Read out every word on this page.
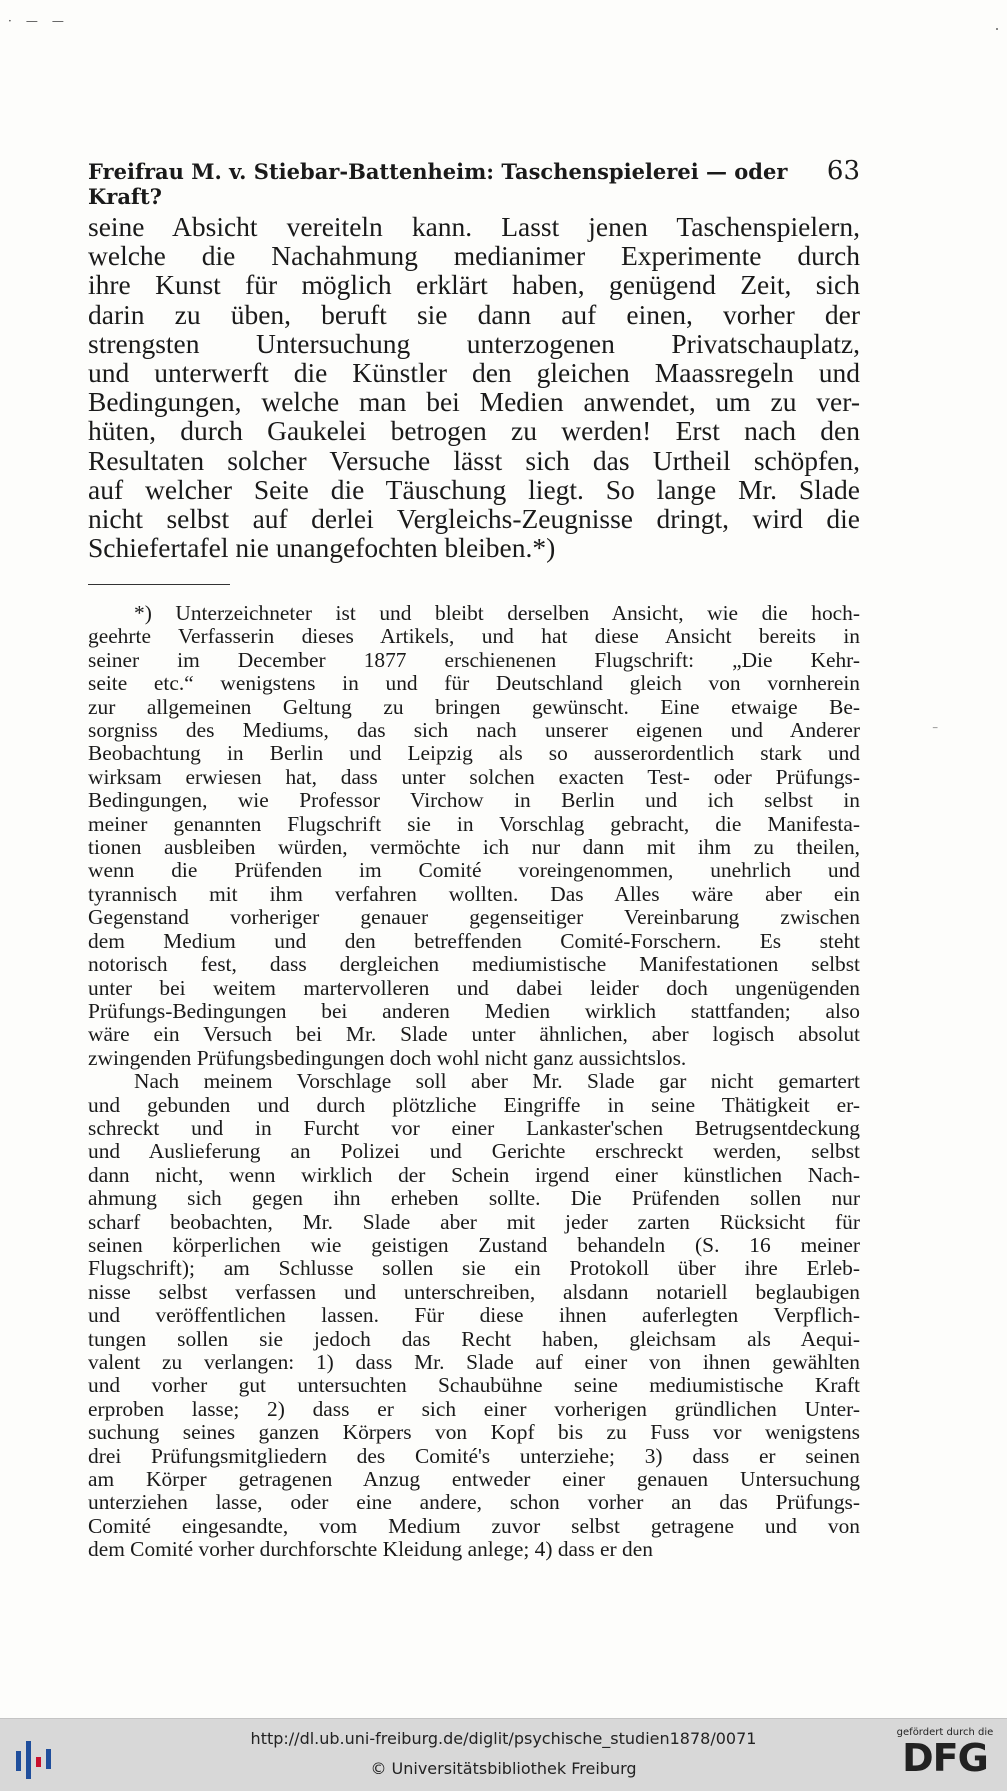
·——
Freifrau M. v. Stiebar-Battenheim: Taschenspielerei — oder Kraft?
63
seine Absicht vereiteln kann. Lasst jenen Taschenspielern,
welche die Nachahmung medianimer Experimente durch
ihre Kunst für möglich erklärt haben, genügend Zeit, sich
darin zu üben, beruft sie dann auf einen, vorher der
strengsten Untersuchung unterzogenen Privatschauplatz,
und unterwerft die Künstler den gleichen Maassregeln und
Bedingungen, welche man bei Medien anwendet, um zu ver-
hüten, durch Gaukelei betrogen zu werden! Erst nach den
Resultaten solcher Versuche lässt sich das Urtheil schöpfen,
auf welcher Seite die Täuschung liegt. So lange Mr. Slade
nicht selbst auf derlei Vergleichs-Zeugnisse dringt, wird die
Schiefertafel nie unangefochten bleiben.*)
*) Unterzeichneter ist und bleibt derselben Ansicht, wie die hoch-
geehrte Verfasserin dieses Artikels, und hat diese Ansicht bereits in
seiner im December 1877 erschienenen Flugschrift: „Die Kehr-
seite etc.“ wenigstens in und für Deutschland gleich von vornherein
zur allgemeinen Geltung zu bringen gewünscht. Eine etwaige Be-
sorgniss des Mediums, das sich nach unserer eigenen und Anderer
Beobachtung in Berlin und Leipzig als so ausserordentlich stark und
wirksam erwiesen hat, dass unter solchen exacten Test- oder Prüfungs-
Bedingungen, wie Professor Virchow in Berlin und ich selbst in
meiner genannten Flugschrift sie in Vorschlag gebracht, die Manifesta-
tionen ausbleiben würden, vermöchte ich nur dann mit ihm zu theilen,
wenn die Prüfenden im Comité voreingenommen, unehrlich und
tyrannisch mit ihm verfahren wollten. Das Alles wäre aber ein
Gegenstand vorheriger genauer gegenseitiger Vereinbarung zwischen
dem Medium und den betreffenden Comité-Forschern. Es steht
notorisch fest, dass dergleichen mediumistische Manifestationen selbst
unter bei weitem martervolleren und dabei leider doch ungenügenden
Prüfungs-Bedingungen bei anderen Medien wirklich stattfanden; also
wäre ein Versuch bei Mr. Slade unter ähnlichen, aber logisch absolut
zwingenden Prüfungsbedingungen doch wohl nicht ganz aussichtslos.
Nach meinem Vorschlage soll aber Mr. Slade gar nicht gemartert
und gebunden und durch plötzliche Eingriffe in seine Thätigkeit er-
schreckt und in Furcht vor einer Lankaster'schen Betrugsentdeckung
und Auslieferung an Polizei und Gerichte erschreckt werden, selbst
dann nicht, wenn wirklich der Schein irgend einer künstlichen Nach-
ahmung sich gegen ihn erheben sollte. Die Prüfenden sollen nur
scharf beobachten, Mr. Slade aber mit jeder zarten Rücksicht für
seinen körperlichen wie geistigen Zustand behandeln (S. 16 meiner
Flugschrift); am Schlusse sollen sie ein Protokoll über ihre Erleb-
nisse selbst verfassen und unterschreiben, alsdann notariell beglaubigen
und veröffentlichen lassen. Für diese ihnen auferlegten Verpflich-
tungen sollen sie jedoch das Recht haben, gleichsam als Aequi-
valent zu verlangen: 1) dass Mr. Slade auf einer von ihnen gewählten
und vorher gut untersuchten Schaubühne seine mediumistische Kraft
erproben lasse; 2) dass er sich einer vorherigen gründlichen Unter-
suchung seines ganzen Körpers von Kopf bis zu Fuss vor wenigstens
drei Prüfungsmitgliedern des Comité's unterziehe; 3) dass er seinen
am Körper getragenen Anzug entweder einer genauen Untersuchung
unterziehen lasse, oder eine andere, schon vorher an das Prüfungs-
Comité eingesandte, vom Medium zuvor selbst getragene und von
dem Comité vorher durchforschte Kleidung anlege; 4) dass er den
⁻
http://dl.ub.uni-freiburg.de/diglit/psychische_studien1878/0071
© Universitätsbibliothek Freiburg
gefördert durch die
DFG
